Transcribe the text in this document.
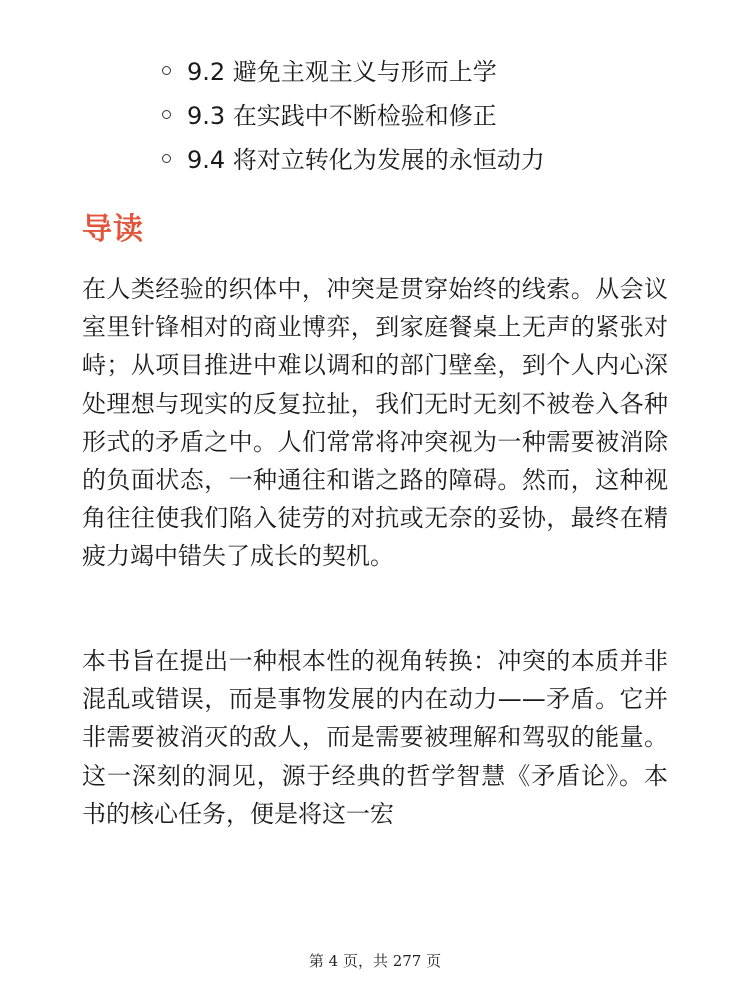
9.2 避免主观主义与形而上学
9.3 在实践中不断检验和修正
9.4 将对立转化为发展的永恒动力
导读

在人类经验的织体中，冲突是贯穿始终的线索。从会议室里针锋相对的商业博弈，到家庭餐桌上无声的紧张对峙；从项目推进中难以调和的部门壁垒，到个人内心深处理想与现实的反复拉扯，我们无时无刻不被卷入各种形式的矛盾之中。人们常常将冲突视为一种需要被消除的负面状态，一种通往和谐之路的障碍。然而，这种视角往往使我们陷入徒劳的对抗或无奈的妥协，最终在精疲力竭中错失了成长的契机。

本书旨在提出一种根本性的视角转换：冲突的本质并非混乱或错误，而是事物发展的内在动力——矛盾。它并非需要被消灭的敌人，而是需要被理解和驾驭的能量。这一深刻的洞见，源于经典的哲学智慧《矛盾论》。本书的核心任务，便是将这一宏

第 4 页，共 277 页
